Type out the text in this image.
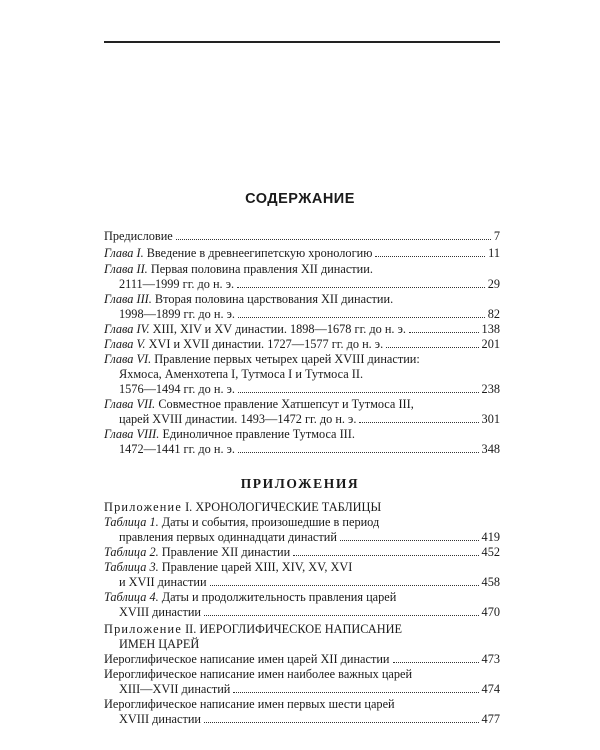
СОДЕРЖАНИЕ
Предисловие	7
Глава I. Введение в древнеегипетскую хронологию	11
Глава II. Первая половина правления XII династии.
2111—1999 гг. до н. э.	29
Глава III. Вторая половина царствования XII династии.
1998—1899 гг. до н. э.	82
Глава IV. XIII, XIV и XV династии. 1898—1678 гг. до н. э.	138
Глава V. XVI и XVII династии. 1727—1577 гг. до н. э.	201
Глава VI. Правление первых четырех царей XVIII династии:
Яхмоса, Аменхотепа I, Тутмоса I и Тутмоса II.
1576—1494 гг. до н. э.	238
Глава VII. Совместное правление Хатшепсут и Тутмоса III,
царей XVIII династии. 1493—1472 гг. до н. э.	301
Глава VIII. Единоличное правление Тутмоса III.
1472—1441 гг. до н. э.	348
ПРИЛОЖЕНИЯ
Приложение I. ХРОНОЛОГИЧЕСКИЕ ТАБЛИЦЫ
Таблица 1. Даты и события, произошедшие в период
правления первых одиннадцати династий	419
Таблица 2. Правление XII династии	452
Таблица 3. Правление царей XIII, XIV, XV, XVI
и XVII династии	458
Таблица 4. Даты и продолжительность правления царей
XVIII династии	470
Приложение II. ИЕРОГЛИФИЧЕСКОЕ НАПИСАНИЕ
ИМЕН ЦАРЕЙ
Иероглифическое написание имен царей XII династии	473
Иероглифическое написание имен наиболее важных царей
XIII—XVII династий	474
Иероглифическое написание имен первых шести царей
XVIII династии	477
